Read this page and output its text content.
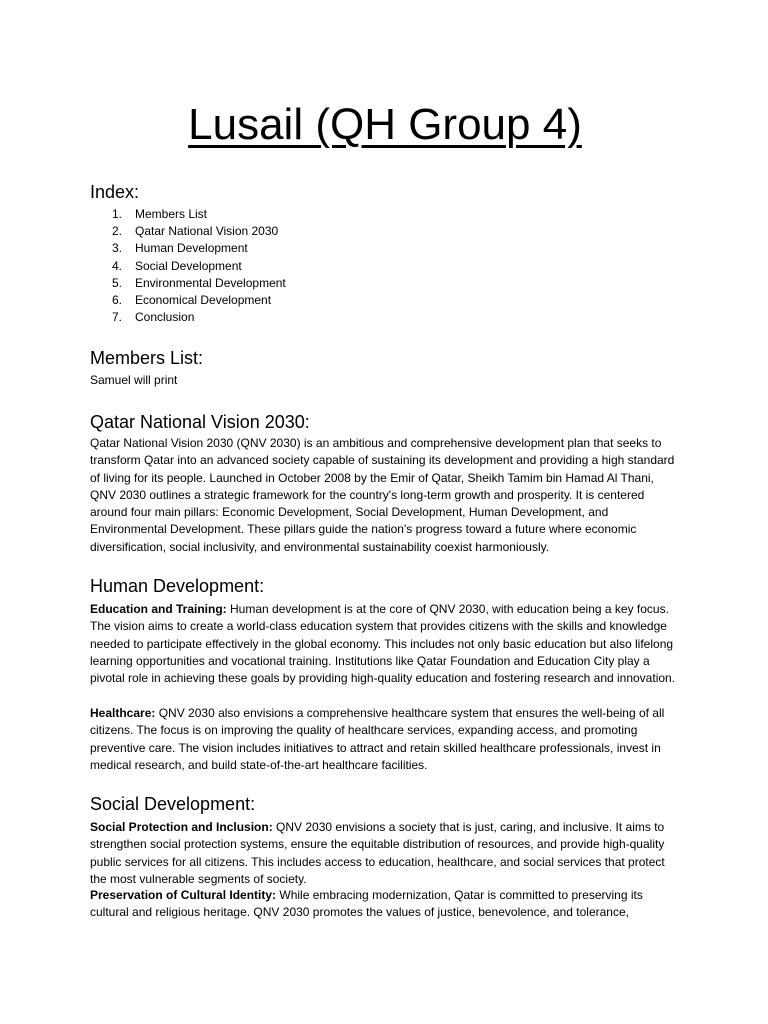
Lusail (QH Group 4)
Index:
1.	Members List
2.	Qatar National Vision 2030
3.	Human Development
4.	Social Development
5.	Environmental Development
6.	Economical Development
7.	Conclusion
Members List:

Samuel will print

Qatar National Vision 2030:

Qatar National Vision 2030 (QNV 2030) is an ambitious and comprehensive development plan that seeks to transform Qatar into an advanced society capable of sustaining its development and providing a high standard of living for its people. Launched in October 2008 by the Emir of Qatar, Sheikh Tamim bin Hamad Al Thani, QNV 2030 outlines a strategic framework for the country's long-term growth and prosperity. It is centered around four main pillars: Economic Development, Social Development, Human Development, and Environmental Development. These pillars guide the nation's progress toward a future where economic diversification, social inclusivity, and environmental sustainability coexist harmoniously.

Human Development:

Education and Training: Human development is at the core of QNV 2030, with education being a key focus. The vision aims to create a world-class education system that provides citizens with the skills and knowledge needed to participate effectively in the global economy. This includes not only basic education but also lifelong learning opportunities and vocational training. Institutions like Qatar Foundation and Education City play a pivotal role in achieving these goals by providing high-quality education and fostering research and innovation.

Healthcare: QNV 2030 also envisions a comprehensive healthcare system that ensures the well-being of all citizens. The focus is on improving the quality of healthcare services, expanding access, and promoting preventive care. The vision includes initiatives to attract and retain skilled healthcare professionals, invest in medical research, and build state-of-the-art healthcare facilities.

Social Development:

Social Protection and Inclusion: QNV 2030 envisions a society that is just, caring, and inclusive. It aims to strengthen social protection systems, ensure the equitable distribution of resources, and provide high-quality public services for all citizens. This includes access to education, healthcare, and social services that protect the most vulnerable segments of society.

Preservation of Cultural Identity: While embracing modernization, Qatar is committed to preserving its cultural and religious heritage. QNV 2030 promotes the values of justice, benevolence, and tolerance,
